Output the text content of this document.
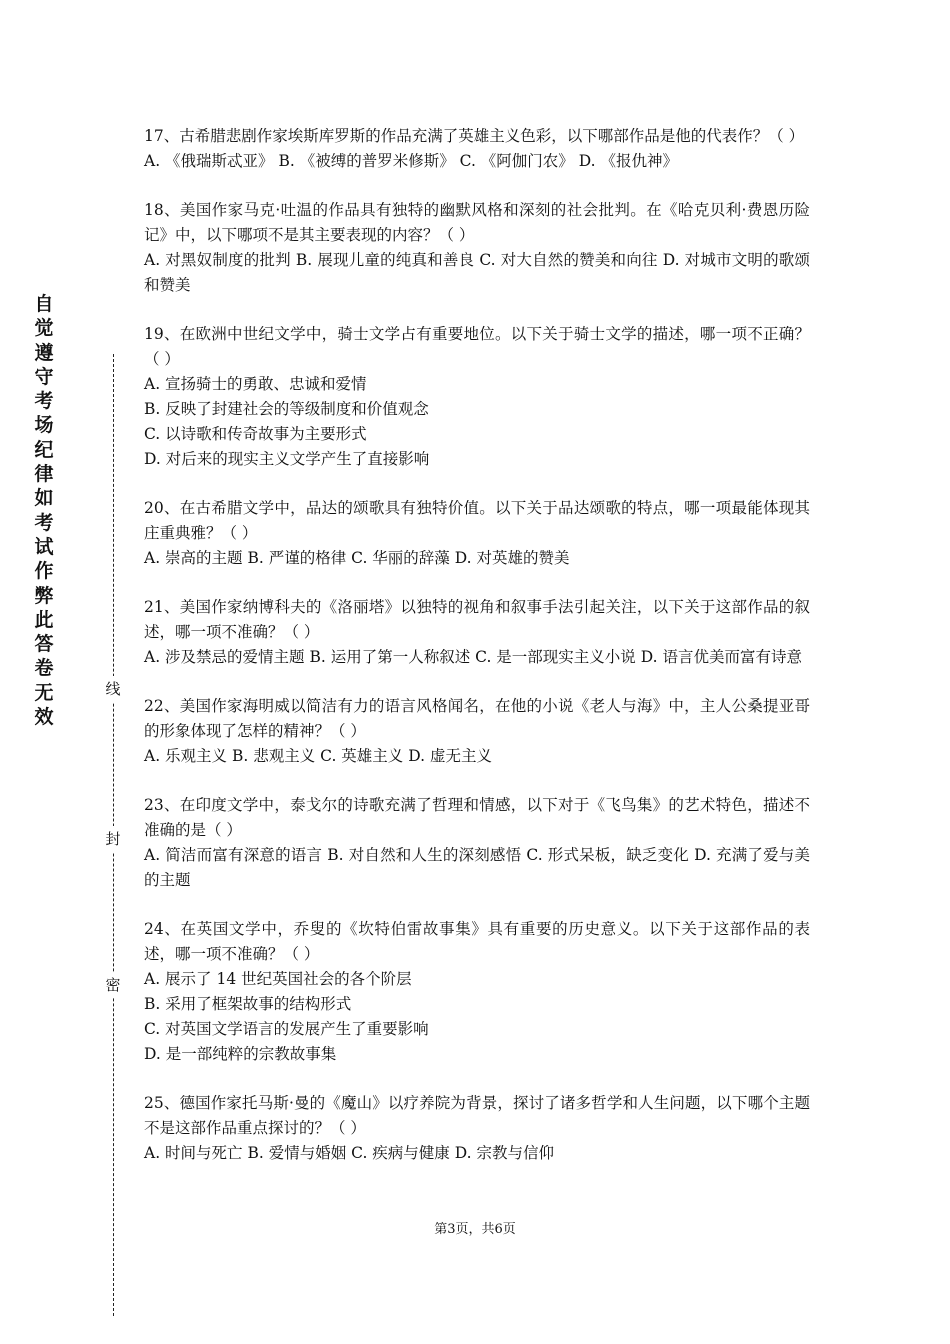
自觉遵守考场纪律如考试作弊此答卷无效
线
封
密
17、古希腊悲剧作家埃斯库罗斯的作品充满了英雄主义色彩，以下哪部作品是他的代表作？（ ）
A. 《俄瑞斯忒亚》 B. 《被缚的普罗米修斯》 C. 《阿伽门农》 D. 《报仇神》
18、美国作家马克·吐温的作品具有独特的幽默风格和深刻的社会批判。在《哈克贝利·费恩历险记》中，以下哪项不是其主要表现的内容？（ ）
A. 对黑奴制度的批判 B. 展现儿童的纯真和善良 C. 对大自然的赞美和向往 D. 对城市文明的歌颂和赞美
19、在欧洲中世纪文学中，骑士文学占有重要地位。以下关于骑士文学的描述，哪一项不正确？（ ）
A. 宣扬骑士的勇敢、忠诚和爱情
B. 反映了封建社会的等级制度和价值观念
C. 以诗歌和传奇故事为主要形式
D. 对后来的现实主义文学产生了直接影响
20、在古希腊文学中，品达的颂歌具有独特价值。以下关于品达颂歌的特点，哪一项最能体现其庄重典雅？（ ）
A. 崇高的主题 B. 严谨的格律 C. 华丽的辞藻 D. 对英雄的赞美
21、美国作家纳博科夫的《洛丽塔》以独特的视角和叙事手法引起关注，以下关于这部作品的叙述，哪一项不准确？（ ）
A. 涉及禁忌的爱情主题 B. 运用了第一人称叙述 C. 是一部现实主义小说 D. 语言优美而富有诗意
22、美国作家海明威以简洁有力的语言风格闻名，在他的小说《老人与海》中，主人公桑提亚哥的形象体现了怎样的精神？（ ）
A. 乐观主义 B. 悲观主义 C. 英雄主义 D. 虚无主义
23、在印度文学中，泰戈尔的诗歌充满了哲理和情感，以下对于《飞鸟集》的艺术特色，描述不准确的是（ ）
A. 简洁而富有深意的语言 B. 对自然和人生的深刻感悟 C. 形式呆板，缺乏变化 D. 充满了爱与美的主题
24、在英国文学中，乔叟的《坎特伯雷故事集》具有重要的历史意义。以下关于这部作品的表述，哪一项不准确？（ ）
A. 展示了 14 世纪英国社会的各个阶层
B. 采用了框架故事的结构形式
C. 对英国文学语言的发展产生了重要影响
D. 是一部纯粹的宗教故事集
25、德国作家托马斯·曼的《魔山》以疗养院为背景，探讨了诸多哲学和人生问题，以下哪个主题不是这部作品重点探讨的？（ ）
A. 时间与死亡 B. 爱情与婚姻 C. 疾病与健康 D. 宗教与信仰
第3页，共6页
